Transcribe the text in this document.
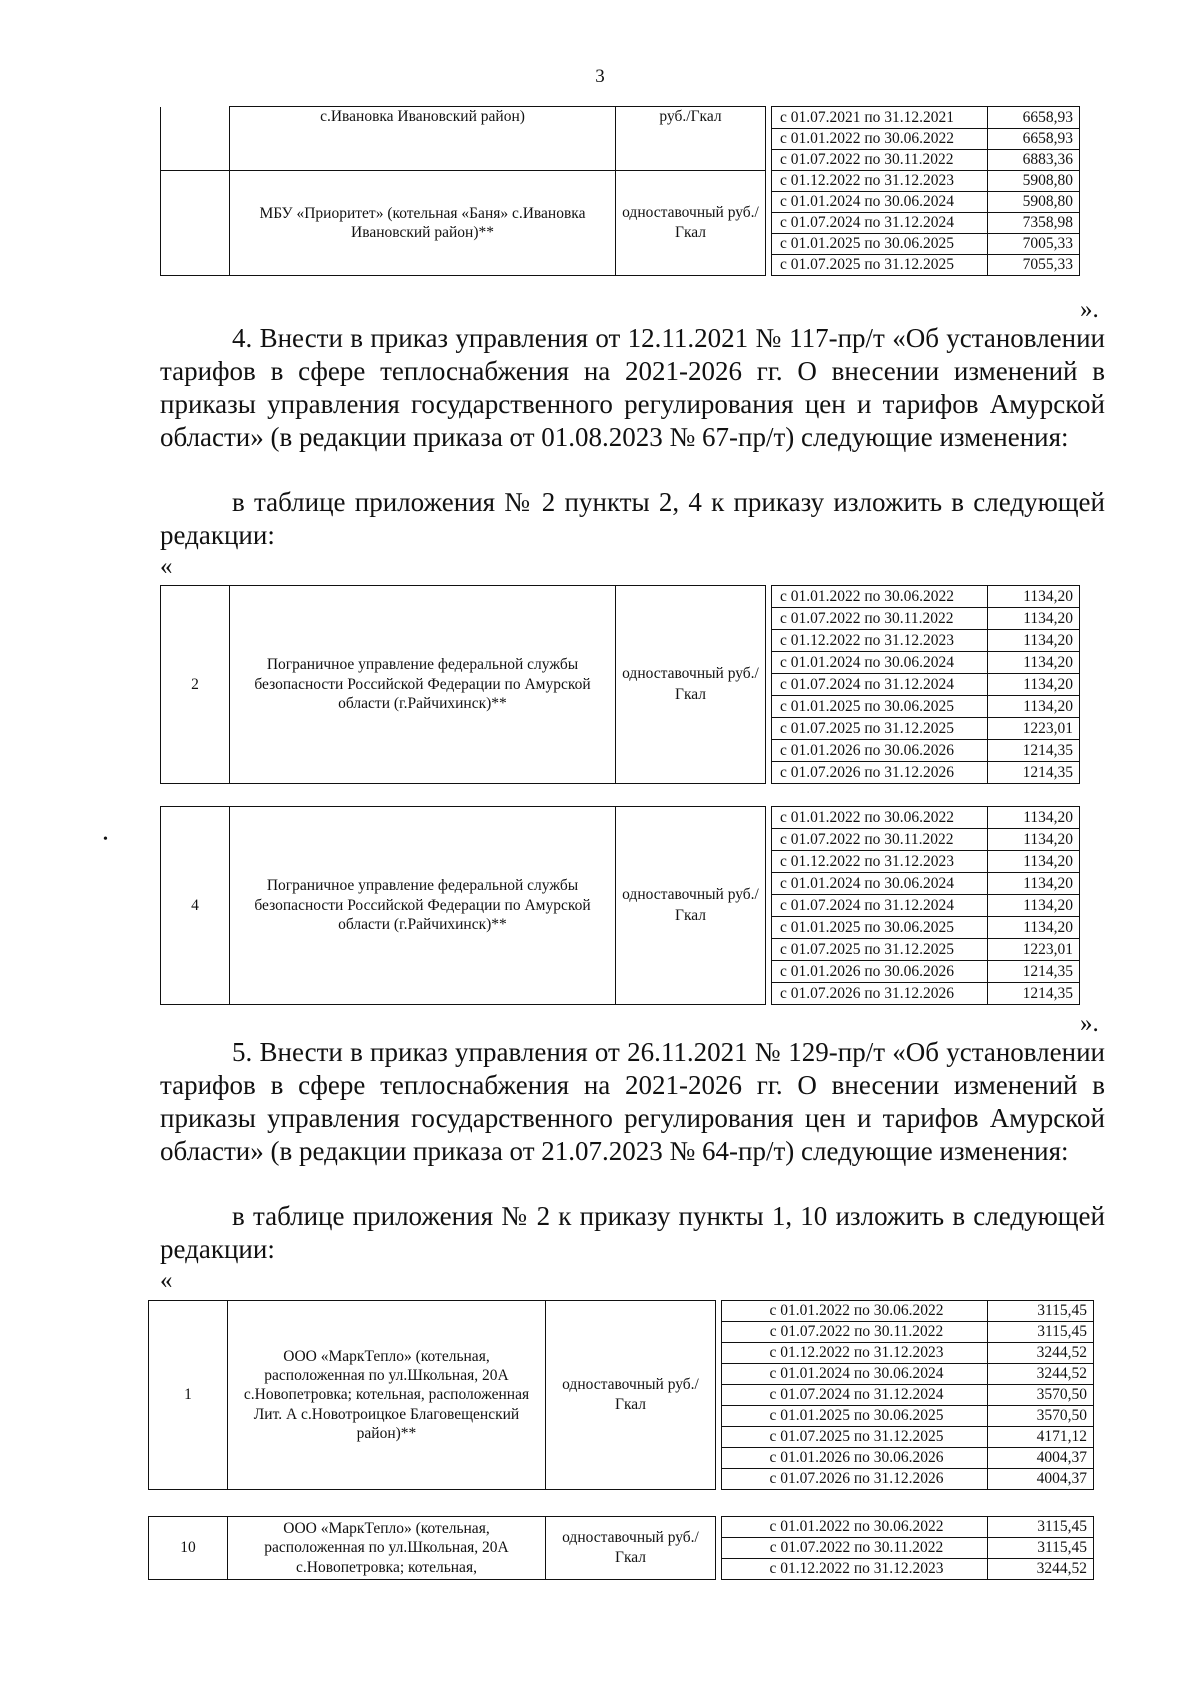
3
	с.Ивановка Ивановский район)	руб./Гкал		с 01.07.2021 по 31.12.2021	6658,93	
				с 01.01.2022 по 30.06.2022	6658,93	
				с 01.07.2022 по 30.11.2022	6883,36	
	МБУ «Приоритет» (котельная «Баня» с.Ивановка Ивановский район)**	одноставочный руб./Гкал		с 01.12.2022 по 31.12.2023	5908,80	
				с 01.01.2024 по 30.06.2024	5908,80	
				с 01.07.2024 по 31.12.2024	7358,98	
				с 01.01.2025 по 30.06.2025	7005,33	
				с 01.07.2025 по 31.12.2025	7055,33	
».
4. Внести в приказ управления от 12.11.2021 № 117-пр/т «Об установлении тарифов в сфере теплоснабжения на 2021-2026 гг. О внесении изменений в приказы управления государственного регулирования цен и тарифов Амурской области» (в редакции приказа от 01.08.2023 № 67-пр/т) следующие изменения:
в таблице приложения № 2 пункты 2, 4 к приказу изложить в следующей редакции:
«
2	Пограничное управление федеральной службы безопасности Российской Федерации по Амурской области (г.Райчихинск)**	одноставочный руб./Гкал		с 01.01.2022 по 30.06.2022	1134,20	
				с 01.07.2022 по 30.11.2022	1134,20	
				с 01.12.2022 по 31.12.2023	1134,20	
				с 01.01.2024 по 30.06.2024	1134,20	
				с 01.07.2024 по 31.12.2024	1134,20	
				с 01.01.2025 по 30.06.2025	1134,20	
				с 01.07.2025 по 31.12.2025	1223,01	
				с 01.01.2026 по 30.06.2026	1214,35	
				с 01.07.2026 по 31.12.2026	1214,35	
•
4	Пограничное управление федеральной службы безопасности Российской Федерации по Амурской области (г.Райчихинск)**	одноставочный руб./Гкал		с 01.01.2022 по 30.06.2022	1134,20	
				с 01.07.2022 по 30.11.2022	1134,20	
				с 01.12.2022 по 31.12.2023	1134,20	
				с 01.01.2024 по 30.06.2024	1134,20	
				с 01.07.2024 по 31.12.2024	1134,20	
				с 01.01.2025 по 30.06.2025	1134,20	
				с 01.07.2025 по 31.12.2025	1223,01	
				с 01.01.2026 по 30.06.2026	1214,35	
				с 01.07.2026 по 31.12.2026	1214,35	
».
5. Внести в приказ управления от 26.11.2021 № 129-пр/т «Об установлении тарифов в сфере теплоснабжения на 2021-2026 гг. О внесении изменений в приказы управления государственного регулирования цен и тарифов Амурской области» (в редакции приказа от 21.07.2023 № 64-пр/т) следующие изменения:
в таблице приложения № 2 к приказу пункты 1, 10 изложить в следующей редакции:
«
1	ООО «МаркТепло» (котельная, расположенная по ул.Школьная, 20А с.Новопетровка; котельная, расположенная Лит. А с.Новотроицкое Благовещенский район)**	одноставочный руб./Гкал		с 01.01.2022 по 30.06.2022	3115,45
				с 01.07.2022 по 30.11.2022	3115,45
				с 01.12.2022 по 31.12.2023	3244,52
				с 01.01.2024 по 30.06.2024	3244,52
				с 01.07.2024 по 31.12.2024	3570,50
				с 01.01.2025 по 30.06.2025	3570,50
				с 01.07.2025 по 31.12.2025	4171,12
				с 01.01.2026 по 30.06.2026	4004,37
				с 01.07.2026 по 31.12.2026	4004,37
10	ООО «МаркТепло» (котельная, расположенная по ул.Школьная, 20А с.Новопетровка; котельная,	одноставочный руб./Гкал		с 01.01.2022 по 30.06.2022	3115,45
				с 01.07.2022 по 30.11.2022	3115,45
				с 01.12.2022 по 31.12.2023	3244,52
